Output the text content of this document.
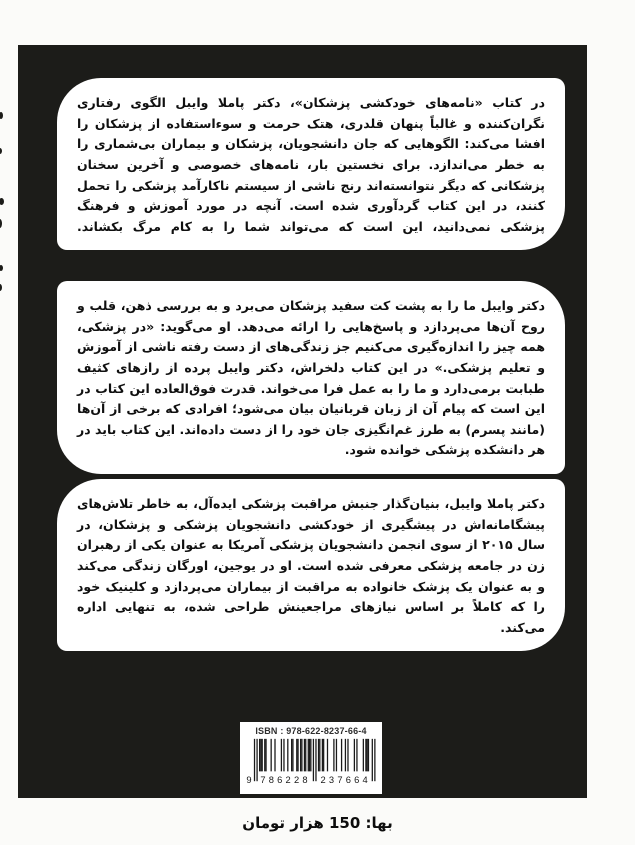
در کتاب «نامه‌های خودکشی پزشکان»، دکتر پاملا وایبل الگوی رفتاری نگران‌کننده و غالباً پنهان قلدری، هتک حرمت و سوءاستفاده از پزشکان را افشا می‌کند: الگوهایی که جان دانشجویان، پزشکان و بیماران بی‌شماری را به خطر می‌اندازد. برای نخستین بار، نامه‌های خصوصی و آخرین سخنان پزشکانی که دیگر نتوانسته‌اند رنج ناشی از سیستم ناکارآمد پزشکی را تحمل کنند، در این کتاب گردآوری شده است. آنچه در مورد آموزش و فرهنگ پزشکی نمی‌دانید، این است که می‌تواند شما را به کام مرگ بکشاند.

دکتر وایبل ما را به پشت کت سفید پزشکان می‌برد و به بررسی ذهن، قلب و روح آن‌ها می‌پردازد و پاسخ‌هایی را ارائه می‌دهد. او می‌گوید: «در پزشکی، همه چیز را اندازه‌گیری می‌کنیم جز زندگی‌های از دست رفته ناشی از آموزش و تعلیم پزشکی.» در این کتاب دلخراش، دکتر وایبل پرده از رازهای کثیف طبابت برمی‌دارد و ما را به عمل فرا می‌خواند. قدرت فوق‌العاده این کتاب در این است که پیام آن از زبان قربانیان بیان می‌شود؛ افرادی که برخی از آن‌ها (مانند پسرم) به طرز غم‌انگیزی جان خود را از دست داده‌اند. این کتاب باید در هر دانشکده پزشکی خوانده شود.

دکتر پاملا وایبل، بنیان‌گذار جنبش مراقبت پزشکی ایده‌آل، به خاطر تلاش‌های پیشگامانه‌اش در پیشگیری از خودکشی دانشجویان پزشکی و پزشکان، در سال ۲۰۱۵ از سوی انجمن دانشجویان پزشکی آمریکا به عنوان یکی از رهبران زن در جامعه پزشکی معرفی شده است. او در یوجین، اورگان زندگی می‌کند و به عنوان یک پزشک خانواده به مراقبت از بیماران می‌پردازد و کلینیک خود را که کاملاً بر اساس نیازهای مراجعینش طراحی شده، به تنهایی اداره می‌کند.

ISBN : 978-622-8237-66-4
9 786228 237664
بها: 150 هزار تومان
